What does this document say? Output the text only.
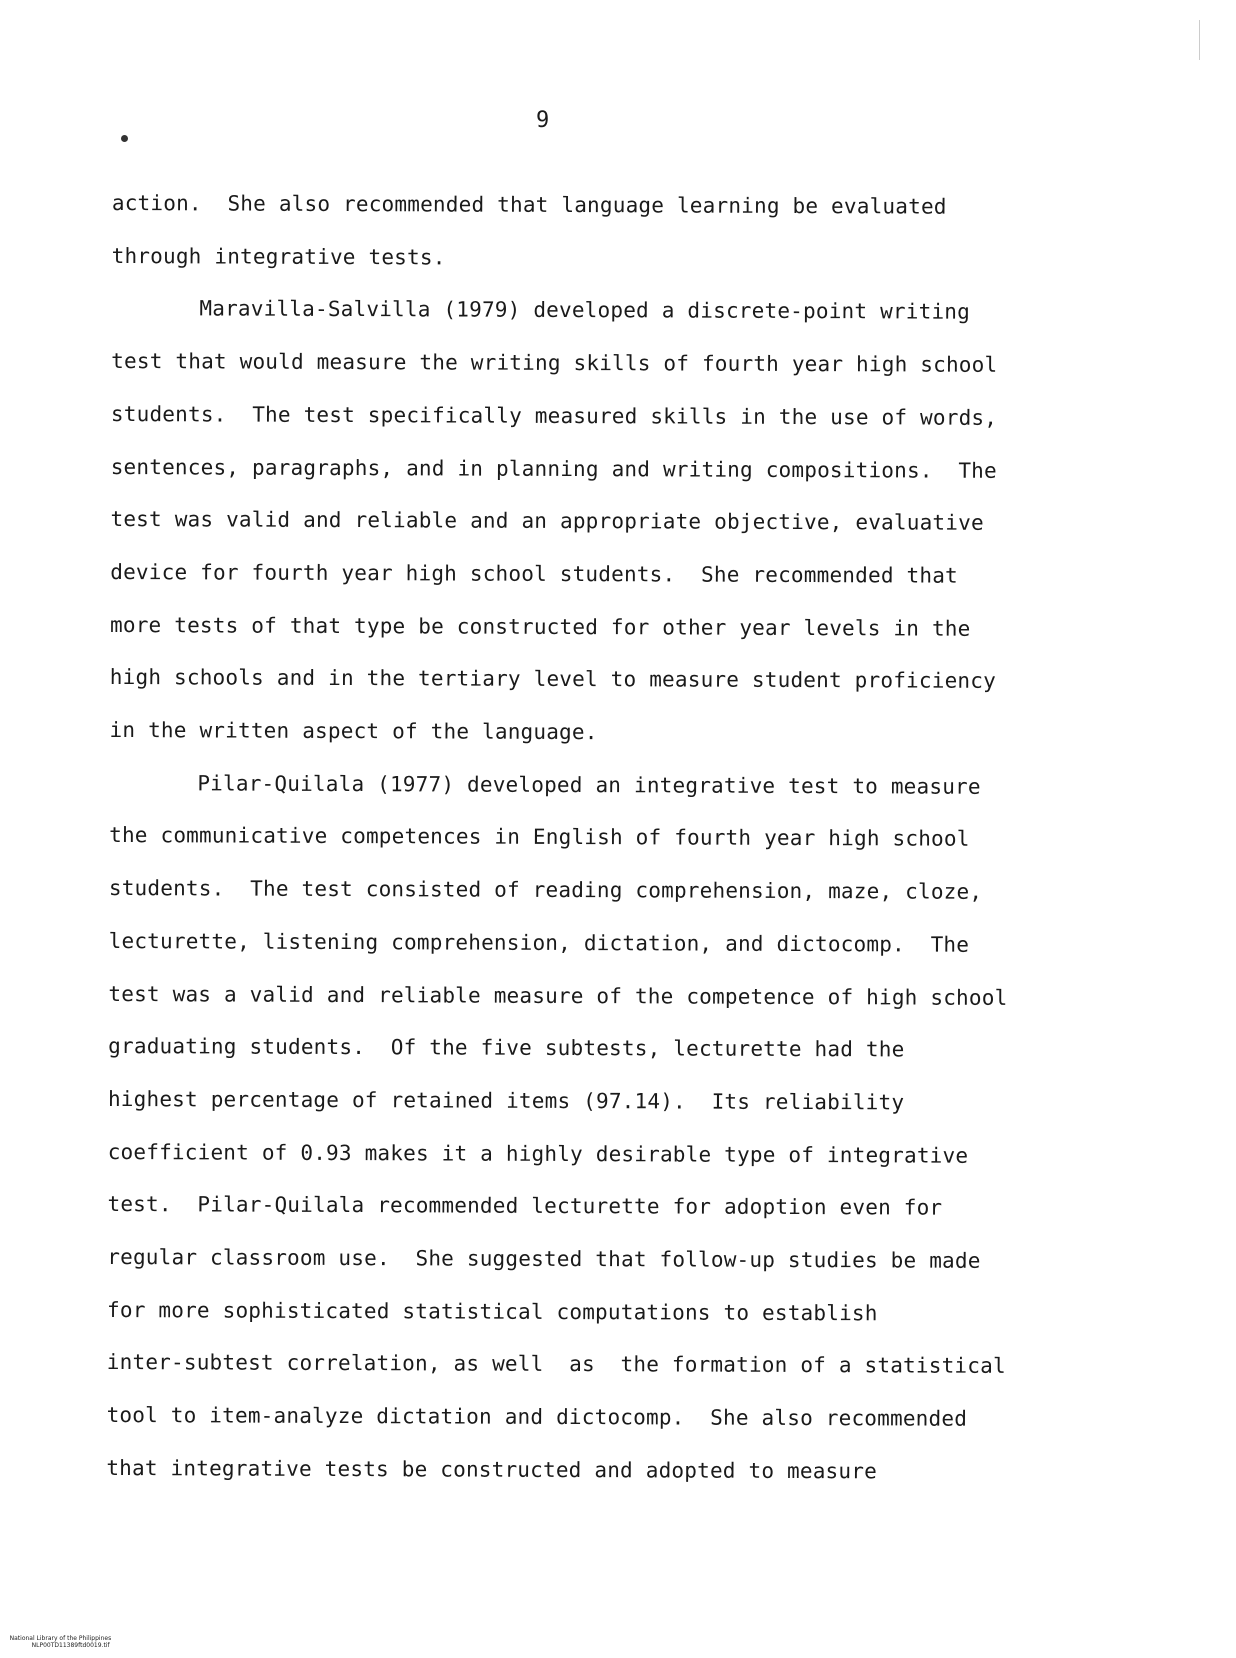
9
action.  She also recommended that language learning be evaluated
through integrative tests.
Maravilla-Salvilla (1979) developed a discrete-point writing
test that would measure the writing skills of fourth year high school
students.  The test specifically measured skills in the use of words,
sentences, paragraphs, and in planning and writing compositions.  The
test was valid and reliable and an appropriate objective, evaluative
device for fourth year high school students.  She recommended that
more tests of that type be constructed for other year levels in the
high schools and in the tertiary level to measure student proficiency
in the written aspect of the language.
Pilar-Quilala (1977) developed an integrative test to measure
the communicative competences in English of fourth year high school
students.  The test consisted of reading comprehension, maze, cloze,
lecturette, listening comprehension, dictation, and dictocomp.  The
test was a valid and reliable measure of the competence of high school
graduating students.  Of the five subtests, lecturette had the
highest percentage of retained items (97.14).  Its reliability
coefficient of 0.93 makes it a highly desirable type of integrative
test.  Pilar-Quilala recommended lecturette for adoption even for
regular classroom use.  She suggested that follow-up studies be made
for more sophisticated statistical computations to establish
inter-subtest correlation, as well  as  the formation of a statistical
tool to item-analyze dictation and dictocomp.  She also recommended
that integrative tests be constructed and adopted to measure

National Library of the Philippines
NLP00TD11389ftd0019.tif
